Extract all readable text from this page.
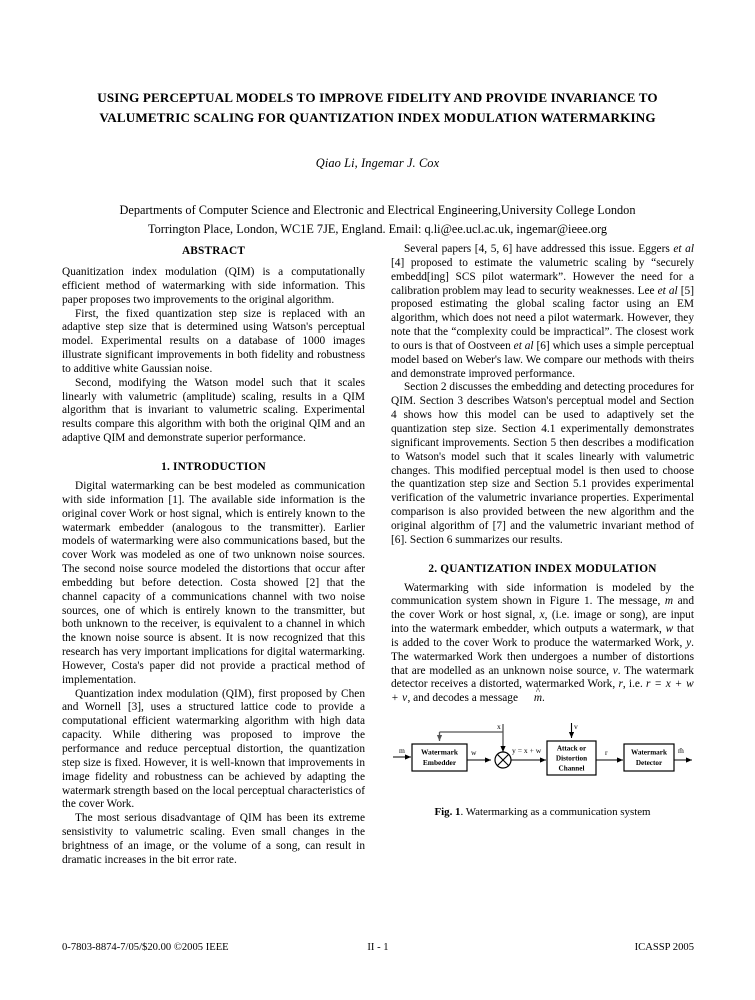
USING PERCEPTUAL MODELS TO IMPROVE FIDELITY AND PROVIDE INVARIANCE TO
VALUMETRIC SCALING FOR QUANTIZATION INDEX MODULATION WATERMARKING
Qiao Li, Ingemar J. Cox
Departments of Computer Science and Electronic and Electrical Engineering,University College London
Torrington Place, London, WC1E 7JE, England. Email: q.li@ee.ucl.ac.uk, ingemar@ieee.org
ABSTRACT

Quanitization index modulation (QIM) is a computationally efficient method of watermarking with side information. This paper proposes two improvements to the original algorithm.

First, the fixed quantization step size is replaced with an adaptive step size that is determined using Watson's perceptual model. Experimental results on a database of 1000 images illustrate significant improvements in both fidelity and robustness to additive white Gaussian noise.

Second, modifying the Watson model such that it scales linearly with valumetric (amplitude) scaling, results in a QIM algorithm that is invariant to valumetric scaling. Experimental results compare this algorithm with both the original QIM and an adaptive QIM and demonstrate superior performance.

1. INTRODUCTION

Digital watermarking can be best modeled as communication with side information [1]. The available side information is the original cover Work or host signal, which is entirely known to the watermark embedder (analogous to the transmitter). Earlier models of watermarking were also communications based, but the cover Work was modeled as one of two unknown noise sources. The second noise source modeled the distortions that occur after embedding but before detection. Costa showed [2] that the channel capacity of a communications channel with two noise sources, one of which is entirely known to the transmitter, but both unknown to the receiver, is equivalent to a channel in which the known noise source is absent. It is now recognized that this research has very important implications for digital watermarking. However, Costa's paper did not provide a practical method of implementation.

Quantization index modulation (QIM), first proposed by Chen and Wornell [3], uses a structured lattice code to provide a computational efficient watermarking algorithm with high data capacity. While dithering was proposed to improve the performance and reduce perceptual distortion, the quantization step size is fixed. However, it is well-known that improvements in image fidelity and robustness can be achieved by adapting the watermark strength based on the local perceptual characteristics of the cover Work.

The most serious disadvantage of QIM has been its extreme sensistivity to valumetric scaling. Even small changes in the brightness of an image, or the volume of a song, can result in dramatic increases in the bit error rate.

Several papers [4, 5, 6] have addressed this issue. Eggers et al [4] proposed to estimate the valumetric scaling by “securely embedd[ing] SCS pilot watermark”. However the need for a calibration problem may lead to security weaknesses. Lee et al [5] proposed estimating the global scaling factor using an EM algorithm, which does not need a pilot watermark. However, they note that the “complexity could be impractical”. The closest work to ours is that of Oostveen et al [6] which uses a simple perceptual model based on Weber's law. We compare our methods with theirs and demonstrate improved performance.

Section 2 discusses the embedding and detecting procedures for QIM. Section 3 describes Watson's perceptual model and Section 4 shows how this model can be used to adaptively set the quantization step size. Section 4.1 experimentally demonstrates significant improvements. Section 5 then describes a modification to Watson's model such that it scales linearly with valumetric changes. This modified perceptual model is then used to choose the quantization step size and Section 5.1 provides experimental verification of the valumetric invariance properties. Experimental comparison is also provided between the new algorithm and the original algorithm of [7] and the valumetric invariant method of [6]. Section 6 summarizes our results.

2. QUANTIZATION INDEX MODULATION

Watermarking with side information is modeled by the communication system shown in Figure 1. The message, m and the cover Work or host signal, x, (i.e. image or song), are input into the watermark embedder, which outputs a watermark, w that is added to the cover Work to produce the watermarked Work, y. The watermarked Work then undergoes a number of distortions that are modelled as an unknown noise source, v. The watermark detector receives a distorted, watermarked Work, r, i.e. r = x + w + v, and decodes a message ^ m.

Watermark
Embedder
Attack or
Distortion
Channel
Watermark
Detector
m	w
x
y = x + w
v
r	m̂
Fig. 1. Watermarking as a communication system
0-7803-8874-7/05/$20.00 ©2005 IEEE	II - 1	ICASSP 2005
